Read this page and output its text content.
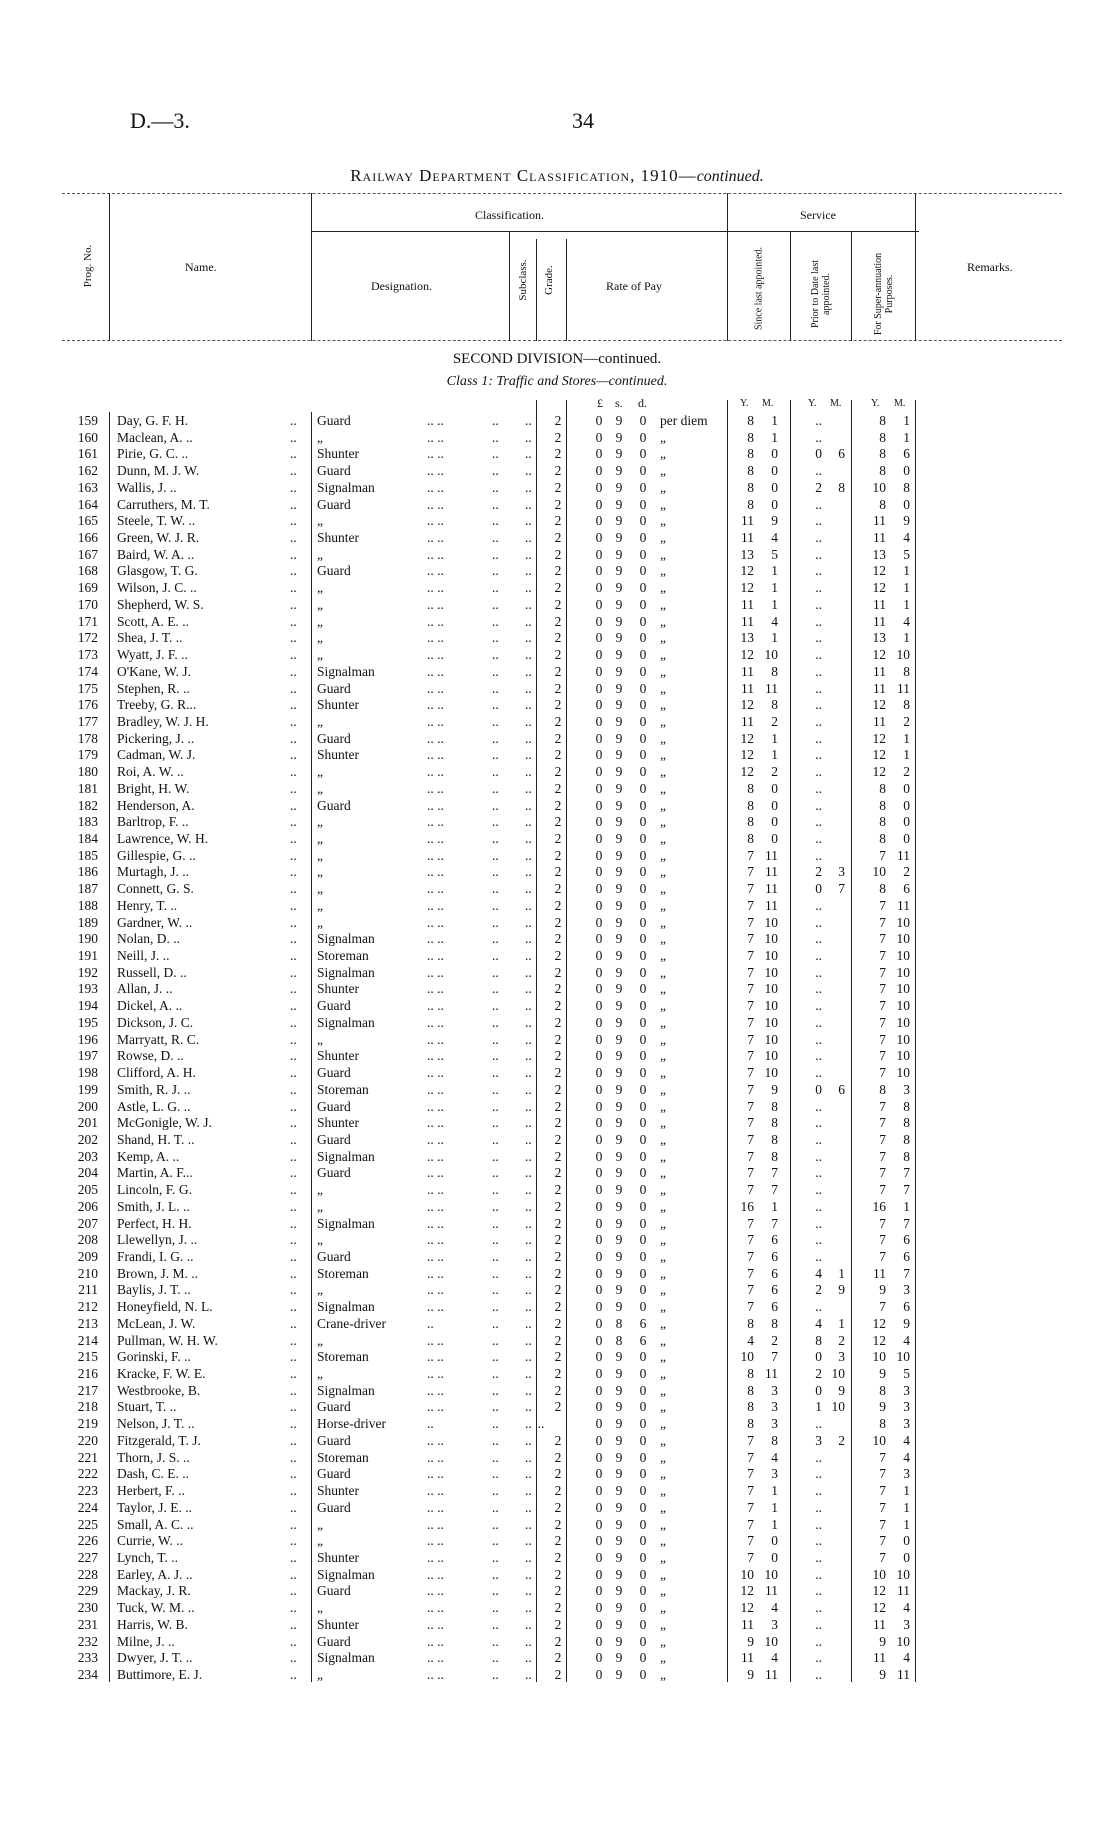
D.—3.	34
Railway Department Classification, 1910—continued.
Prog. No.	Name.
Classification.
Designation.	Subclass. Grade.	Rate of Pay
Service
Since last appointed.	Prior to Date last appointed.	For Super-annuation Purposes.
Remarks.
SECOND DIVISION—continued.
Class 1: Traffic and Stores—continued.
£ s. d.	Y. M.	Y. M.	Y. M.
159 Day, G. F. H.	.. Guard	.. ..	.. .. 2	0 9 0 per diem	8	1	..	8	1
160 Maclean, A. ..	.. „	.. ..	.. .. 2	0 9 0 „	8	1	..	8	1
161 Pirie, G. C. ..	.. Shunter	.. ..	.. .. 2	0 9 0 „	8	0	0	6	8	6
162 Dunn, M. J. W.	.. Guard	.. ..	.. .. 2	0 9 0 „	8	0	..	8	0
163 Wallis, J. ..	.. Signalman	.. ..	.. .. 2	0 9 0 „	8	0	2	8	10	8
164 Carruthers, M. T.	.. Guard	.. ..	.. .. 2	0 9 0 „	8	0	..	8	0
165 Steele, T. W. ..	.. „	.. ..	.. .. 2	0 9 0 „	11	9	..	11	9
166 Green, W. J. R.	.. Shunter	.. ..	.. .. 2	0 9 0 „	11	4	..	11	4
167 Baird, W. A. ..	.. „	.. ..	.. .. 2	0 9 0 „	13	5	..	13	5
168 Glasgow, T. G.	.. Guard	.. ..	.. .. 2	0 9 0 „	12	1	..	12	1
169 Wilson, J. C. ..	.. „	.. ..	.. .. 2	0 9 0 „	12	1	..	12	1
170 Shepherd, W. S.	.. „	.. ..	.. .. 2	0 9 0 „	11	1	..	11	1
171 Scott, A. E. ..	.. „	.. ..	.. .. 2	0 9 0 „	11	4	..	11	4
172 Shea, J. T. ..	.. „	.. ..	.. .. 2	0 9 0 „	13	1	..	13	1
173 Wyatt, J. F. ..	.. „	.. ..	.. .. 2	0 9 0 „	12 10	..	12 10
174 O'Kane, W. J.	.. Signalman	.. ..	.. .. 2	0 9 0 „	11	8	..	11	8
175 Stephen, R. ..	.. Guard	.. ..	.. .. 2	0 9 0 „	11 11	..	11 11
176 Treeby, G. R...	.. Shunter	.. ..	.. .. 2	0 9 0 „	12	8	..	12	8
177 Bradley, W. J. H.	.. „	.. ..	.. .. 2	0 9 0 „	11	2	..	11	2
178 Pickering, J. ..	.. Guard	.. ..	.. .. 2	0 9 0 „	12	1	..	12	1
179 Cadman, W. J.	.. Shunter	.. ..	.. .. 2	0 9 0 „	12	1	..	12	1
180 Roi, A. W. ..	.. „	.. ..	.. .. 2	0 9 0 „	12	2	..	12	2
181 Bright, H. W.	.. „	.. ..	.. .. 2	0 9 0 „	8	0	..	8	0
182 Henderson, A.	.. Guard	.. ..	.. .. 2	0 9 0 „	8	0	..	8	0
183 Barltrop, F. ..	.. „	.. ..	.. .. 2	0 9 0 „	8	0	..	8	0
184 Lawrence, W. H.	.. „	.. ..	.. .. 2	0 9 0 „	8	0	..	8	0
185 Gillespie, G. ..	.. „	.. ..	.. .. 2	0 9 0 „	7 11	..	7 11
186 Murtagh, J. ..	.. „	.. ..	.. .. 2	0 9 0 „	7 11	2	3	10	2
187 Connett, G. S.	.. „	.. ..	.. .. 2	0 9 0 „	7 11	0	7	8	6
188 Henry, T. ..	.. „	.. ..	.. .. 2	0 9 0 „	7 11	..	7 11
189 Gardner, W. ..	.. „	.. ..	.. .. 2	0 9 0 „	7 10	..	7 10
190 Nolan, D. ..	.. Signalman	.. ..	.. .. 2	0 9 0 „	7 10	..	7 10
191 Neill, J. ..	.. Storeman	.. ..	.. .. 2	0 9 0 „	7 10	..	7 10
192 Russell, D. ..	.. Signalman	.. ..	.. .. 2	0 9 0 „	7 10	..	7 10
193 Allan, J. ..	.. Shunter	.. ..	.. .. 2	0 9 0 „	7 10	..	7 10
194 Dickel, A. ..	.. Guard	.. ..	.. .. 2	0 9 0 „	7 10	..	7 10
195 Dickson, J. C.	.. Signalman	.. ..	.. .. 2	0 9 0 „	7 10	..	7 10
196 Marryatt, R. C.	.. „	.. ..	.. .. 2	0 9 0 „	7 10	..	7 10
197 Rowse, D. ..	.. Shunter	.. ..	.. .. 2	0 9 0 „	7 10	..	7 10
198 Clifford, A. H.	.. Guard	.. ..	.. .. 2	0 9 0 „	7 10	..	7 10
199 Smith, R. J. ..	.. Storeman	.. ..	.. .. 2	0 9 0 „	7	9	0	6	8	3
200 Astle, L. G. ..	.. Guard	.. ..	.. .. 2	0 9 0 „	7	8	..	7	8
201 McGonigle, W. J.	.. Shunter	.. ..	.. .. 2	0 9 0 „	7	8	..	7	8
202 Shand, H. T. ..	.. Guard	.. ..	.. .. 2	0 9 0 „	7	8	..	7	8
203 Kemp, A. ..	.. Signalman	.. ..	.. .. 2	0 9 0 „	7	8	..	7	8
204 Martin, A. F...	.. Guard	.. ..	.. .. 2	0 9 0 „	7	7	..	7	7
205 Lincoln, F. G.	.. „	.. ..	.. .. 2	0 9 0 „	7	7	..	7	7
206 Smith, J. L. ..	.. „	.. ..	.. .. 2	0 9 0 „	16	1	..	16	1
207 Perfect, H. H.	.. Signalman	.. ..	.. .. 2	0 9 0 „	7	7	..	7	7
208 Llewellyn, J. ..	.. „	.. ..	.. .. 2	0 9 0 „	7	6	..	7	6
209 Frandi, I. G. ..	.. Guard	.. ..	.. .. 2	0 9 0 „	7	6	..	7	6
210 Brown, J. M. ..	.. Storeman	.. ..	.. .. 2	0 9 0 „	7	6	4	1	11	7
211 Baylis, J. T. ..	.. „	.. ..	.. .. 2	0 9 0 „	7	6	2	9	9	3
212 Honeyfield, N. L.	.. Signalman	.. ..	.. .. 2	0 9 0 „	7	6	..	7	6
213 McLean, J. W.	.. Crane-driver	..	.. .. 2	0 8 6 „	8	8	4	1	12	9
214 Pullman, W. H. W.	.. „	.. ..	.. .. 2	0 8 6 „	4	2	8	2	12	4
215 Gorinski, F. ..	.. Storeman	.. ..	.. .. 2	0 9 0 „	10	7	0	3	10 10
216 Kracke, F. W. E.	.. „	.. ..	.. .. 2	0 9 0 „	8 11	2 10	9	5
217 Westbrooke, B.	.. Signalman	.. ..	.. .. 2	0 9 0 „	8	3	0	9	8	3
218 Stuart, T. ..	.. Guard	.. ..	.. .. 2	0 9 0 „	8	3	1 10	9	3
219 Nelson, J. T. ..	.. Horse-driver	..	.. .. ..	0 9 0 „	8	3	..	8	3
220 Fitzgerald, T. J.	.. Guard	.. ..	.. .. 2	0 9 0 „	7	8	3	2	10	4
221 Thorn, J. S. ..	.. Storeman	.. ..	.. .. 2	0 9 0 „	7	4	..	7	4
222 Dash, C. E. ..	.. Guard	.. ..	.. .. 2	0 9 0 „	7	3	..	7	3
223 Herbert, F. ..	.. Shunter	.. ..	.. .. 2	0 9 0 „	7	1	..	7	1
224 Taylor, J. E. ..	.. Guard	.. ..	.. .. 2	0 9 0 „	7	1	..	7	1
225 Small, A. C. ..	.. „	.. ..	.. .. 2	0 9 0 „	7	1	..	7	1
226 Currie, W. ..	.. „	.. ..	.. .. 2	0 9 0 „	7	0	..	7	0
227 Lynch, T. ..	.. Shunter	.. ..	.. .. 2	0 9 0 „	7	0	..	7	0
228 Earley, A. J. ..	.. Signalman	.. ..	.. .. 2	0 9 0 „	10 10	..	10 10
229 Mackay, J. R.	.. Guard	.. ..	.. .. 2	0 9 0 „	12 11	..	12 11
230 Tuck, W. M. ..	.. „	.. ..	.. .. 2	0 9 0 „	12	4	..	12	4
231 Harris, W. B.	.. Shunter	.. ..	.. .. 2	0 9 0 „	11	3	..	11	3
232 Milne, J. ..	.. Guard	.. ..	.. .. 2	0 9 0 „	9 10	..	9 10
233 Dwyer, J. T. ..	.. Signalman	.. ..	.. .. 2	0 9 0 „	11	4	..	11	4
234 Buttimore, E. J.	.. „	.. ..	.. .. 2	0 9 0 „	9 11	..	9 11
